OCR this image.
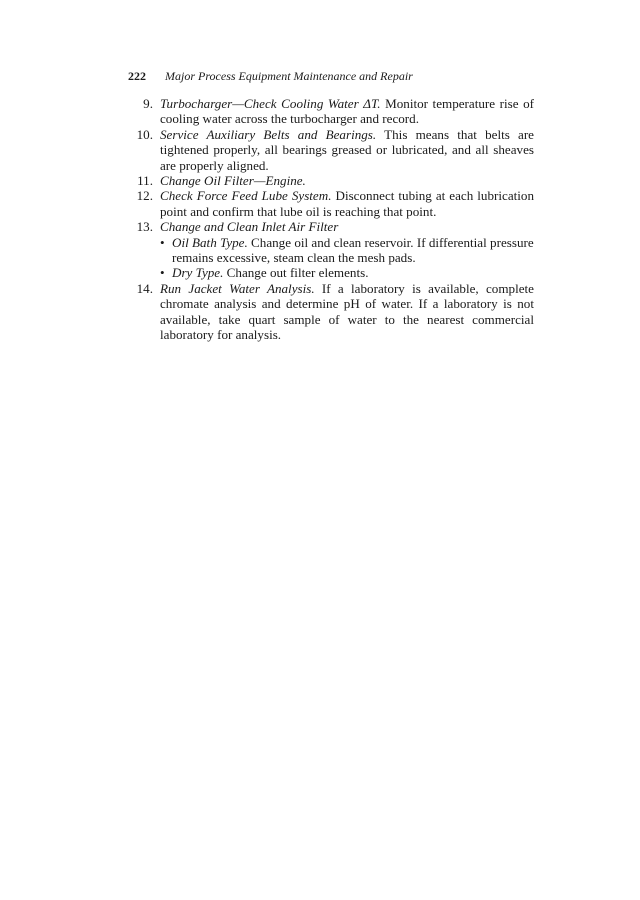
222 Major Process Equipment Maintenance and Repair
9. Turbocharger—Check Cooling Water ΔT. Monitor temperature rise of cooling water across the turbocharger and record.
10. Service Auxiliary Belts and Bearings. This means that belts are tightened properly, all bearings greased or lubricated, and all sheaves are properly aligned.
11. Change Oil Filter—Engine.
12. Check Force Feed Lube System. Disconnect tubing at each lubrication point and confirm that lube oil is reaching that point.
13. Change and Clean Inlet Air Filter
• Oil Bath Type. Change oil and clean reservoir. If differential pressure remains excessive, steam clean the mesh pads.
• Dry Type. Change out filter elements.
14. Run Jacket Water Analysis. If a laboratory is available, complete chromate analysis and determine pH of water. If a laboratory is not available, take quart sample of water to the nearest commercial laboratory for analysis.
